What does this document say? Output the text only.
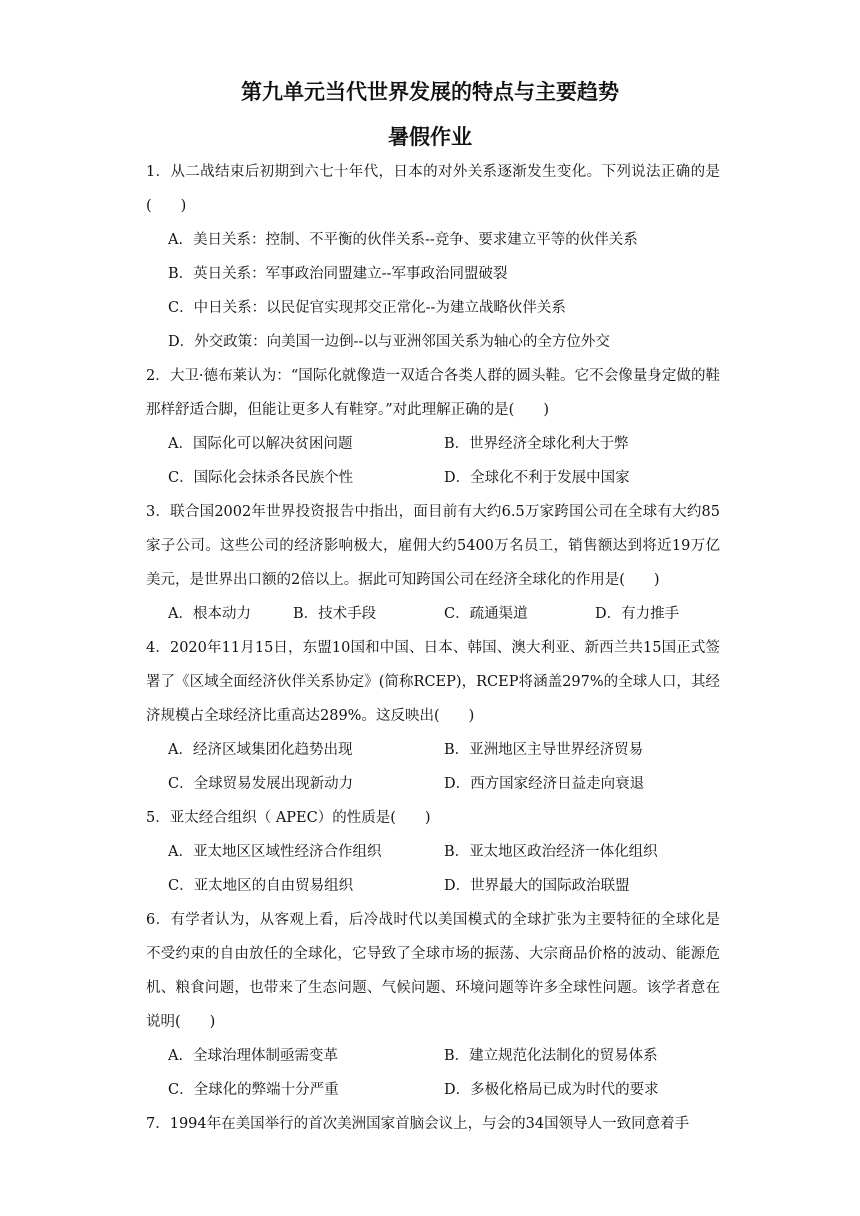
第九单元当代世界发展的特点与主要趋势
暑假作业
1．从二战结束后初期到六七十年代，日本的对外关系逐渐发生变化。下列说法正确的是(　　)
A．美日关系：控制、不平衡的伙伴关系--竞争、要求建立平等的伙伴关系
B．英日关系：军事政治同盟建立--军事政治同盟破裂
C．中日关系：以民促官实现邦交正常化--为建立战略伙伴关系
D．外交政策：向美国一边倒--以与亚洲邻国关系为轴心的全方位外交
2．大卫·德布莱认为：“国际化就像造一双适合各类人群的圆头鞋。它不会像量身定做的鞋那样舒适合脚，但能让更多人有鞋穿。”对此理解正确的是(　　)
A．国际化可以解决贫困问题	B．世界经济全球化利大于弊
C．国际化会抹杀各民族个性	D．全球化不利于发展中国家
3．联合国2002年世界投资报告中指出，面目前有大约6.5万家跨国公司在全球有大约85家子公司。这些公司的经济影响极大，雇佣大约5400万名员工，销售额达到将近19万亿美元，是世界出口额的2倍以上。据此可知跨国公司在经济全球化的作用是(　　)
A．根本动力	B．技术手段	C．疏通渠道	D．有力推手
4．2020年11月15日，东盟10国和中国、日本、韩国、澳大利亚、新西兰共15国正式签署了《区域全面经济伙伴关系协定》(简称RCEP)，RCEP将涵盖297%的全球人口，其经济规模占全球经济比重高达289%。这反映出(　　)
A．经济区域集团化趋势出现	B．亚洲地区主导世界经济贸易
C．全球贸易发展出现新动力	D．西方国家经济日益走向衰退
5．亚太经合组织（ APEC）的性质是(　　)
A．亚太地区区域性经济合作组织	B．亚太地区政治经济一体化组织
C．亚太地区的自由贸易组织	D．世界最大的国际政治联盟
6．有学者认为，从客观上看，后冷战时代以美国模式的全球扩张为主要特征的全球化是不受约束的自由放任的全球化，它导致了全球市场的振荡、大宗商品价格的波动、能源危机、粮食问题，也带来了生态问题、气候问题、环境问题等许多全球性问题。该学者意在说明(　　)
A．全球治理体制亟需变革	B．建立规范化法制化的贸易体系
C．全球化的弊端十分严重	D．多极化格局已成为时代的要求
7．1994年在美国举行的首次美洲国家首脑会议上，与会的34国领导人一致同意着手
